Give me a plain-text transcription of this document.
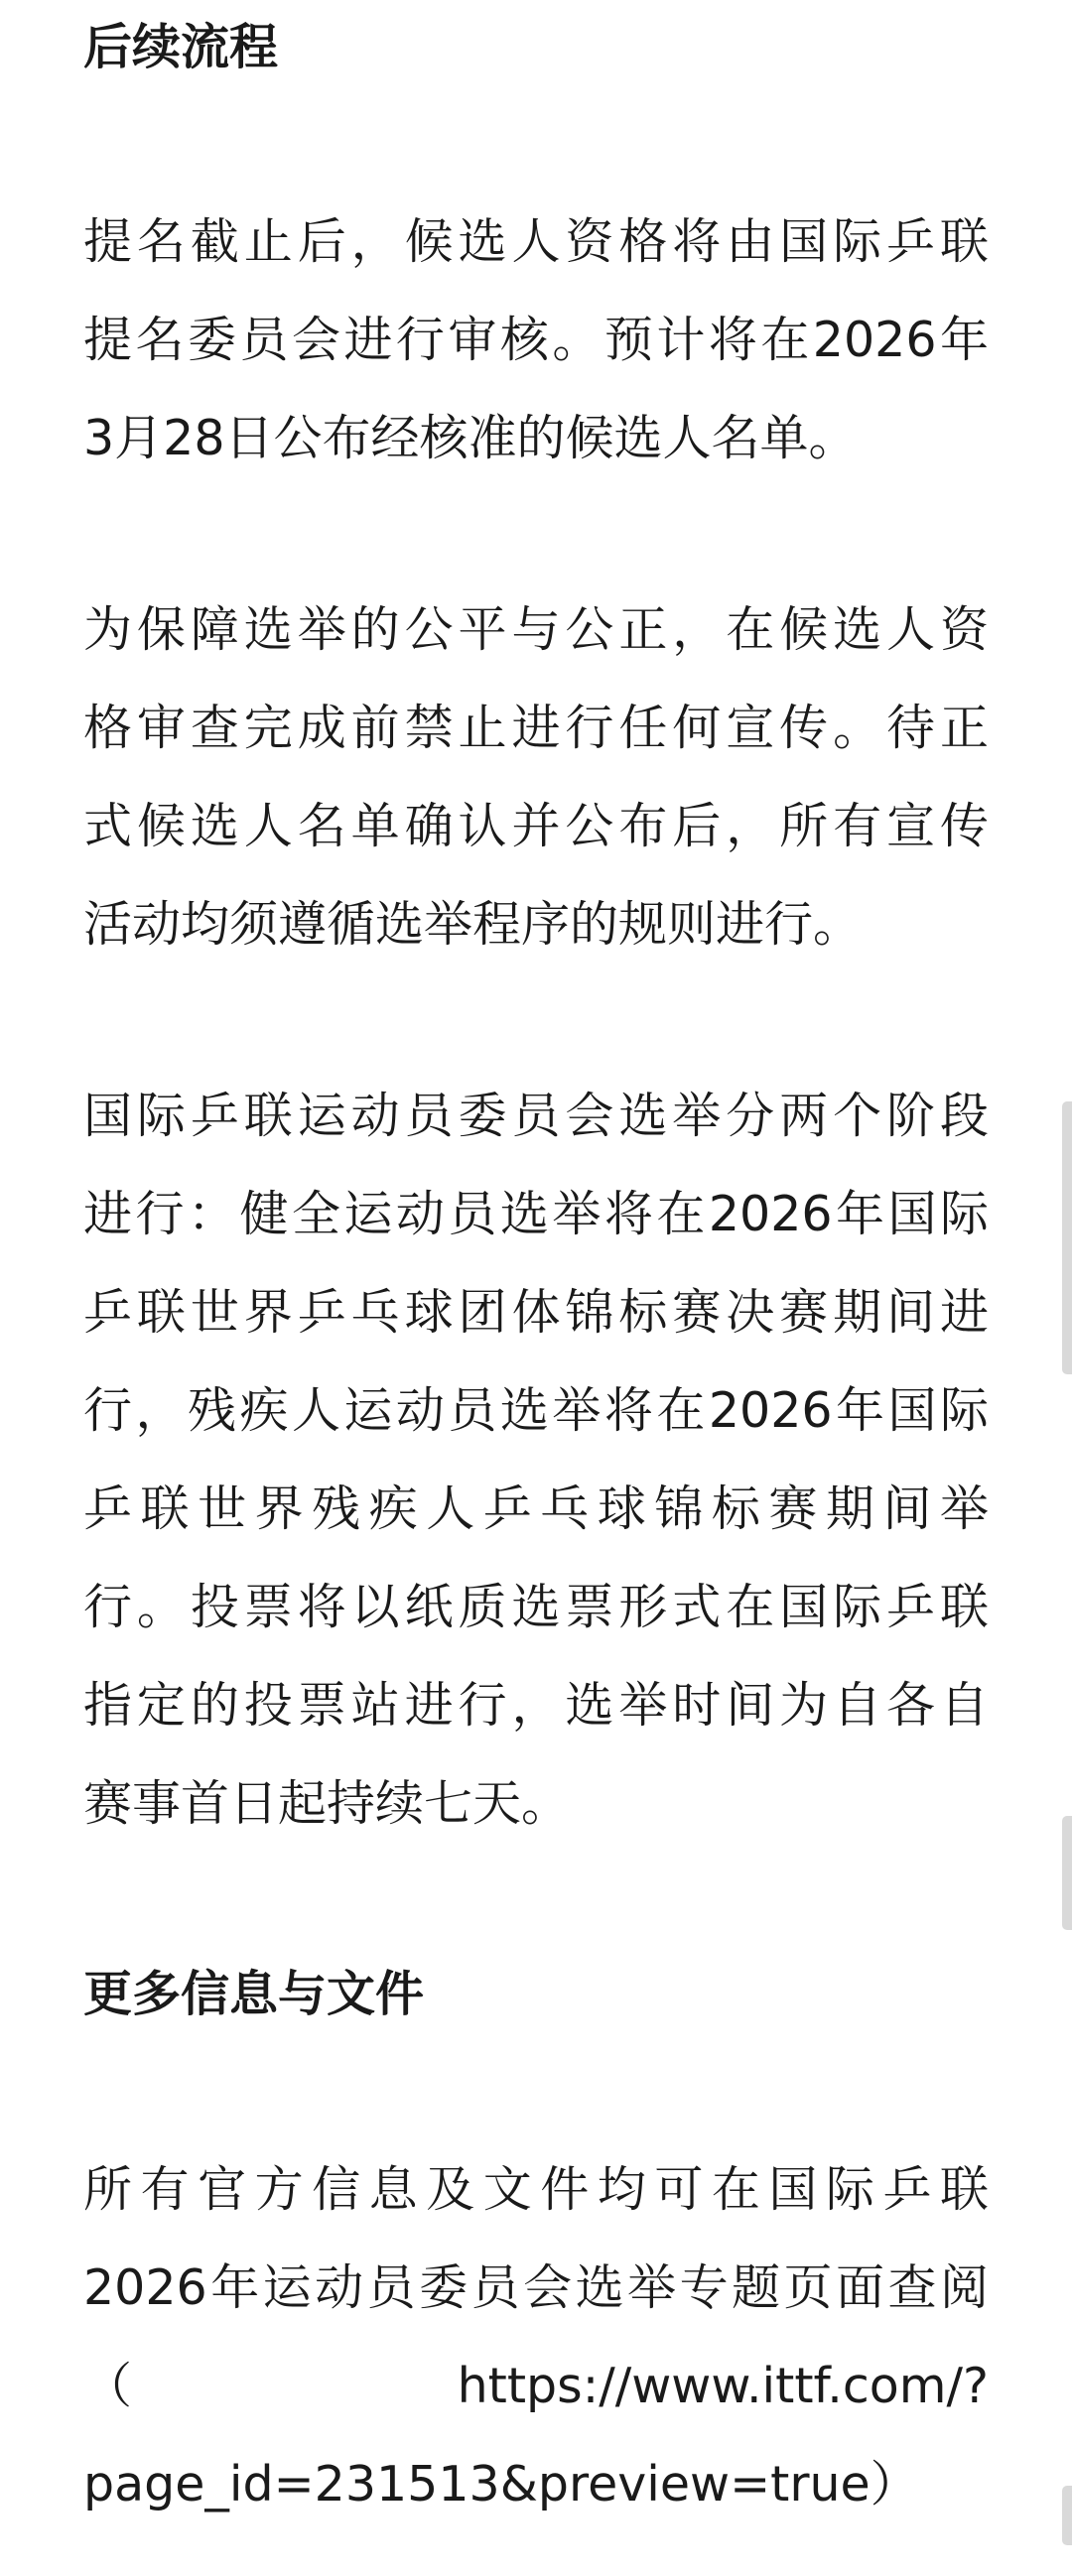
后续流程
提名截止后，候选人资格将由国际乒联
提名委员会进行审核。预计将在2026年
3月28日公布经核准的候选人名单。
为保障选举的公平与公正，在候选人资
格审查完成前禁止进行任何宣传。待正
式候选人名单确认并公布后，所有宣传
活动均须遵循选举程序的规则进行。
国际乒联运动员委员会选举分两个阶段
进行：健全运动员选举将在2026年国际
乒联世界乒乓球团体锦标赛决赛期间进
行，残疾人运动员选举将在2026年国际
乒联世界残疾人乒乓球锦标赛期间举
行。投票将以纸质选票形式在国际乒联
指定的投票站进行，选举时间为自各自
赛事首日起持续七天。
更多信息与文件
所有官方信息及文件均可在国际乒联
2026年运动员委员会选举专题页面查阅
（	https://www.ittf.com/?
page_id=231513&preview=true）
